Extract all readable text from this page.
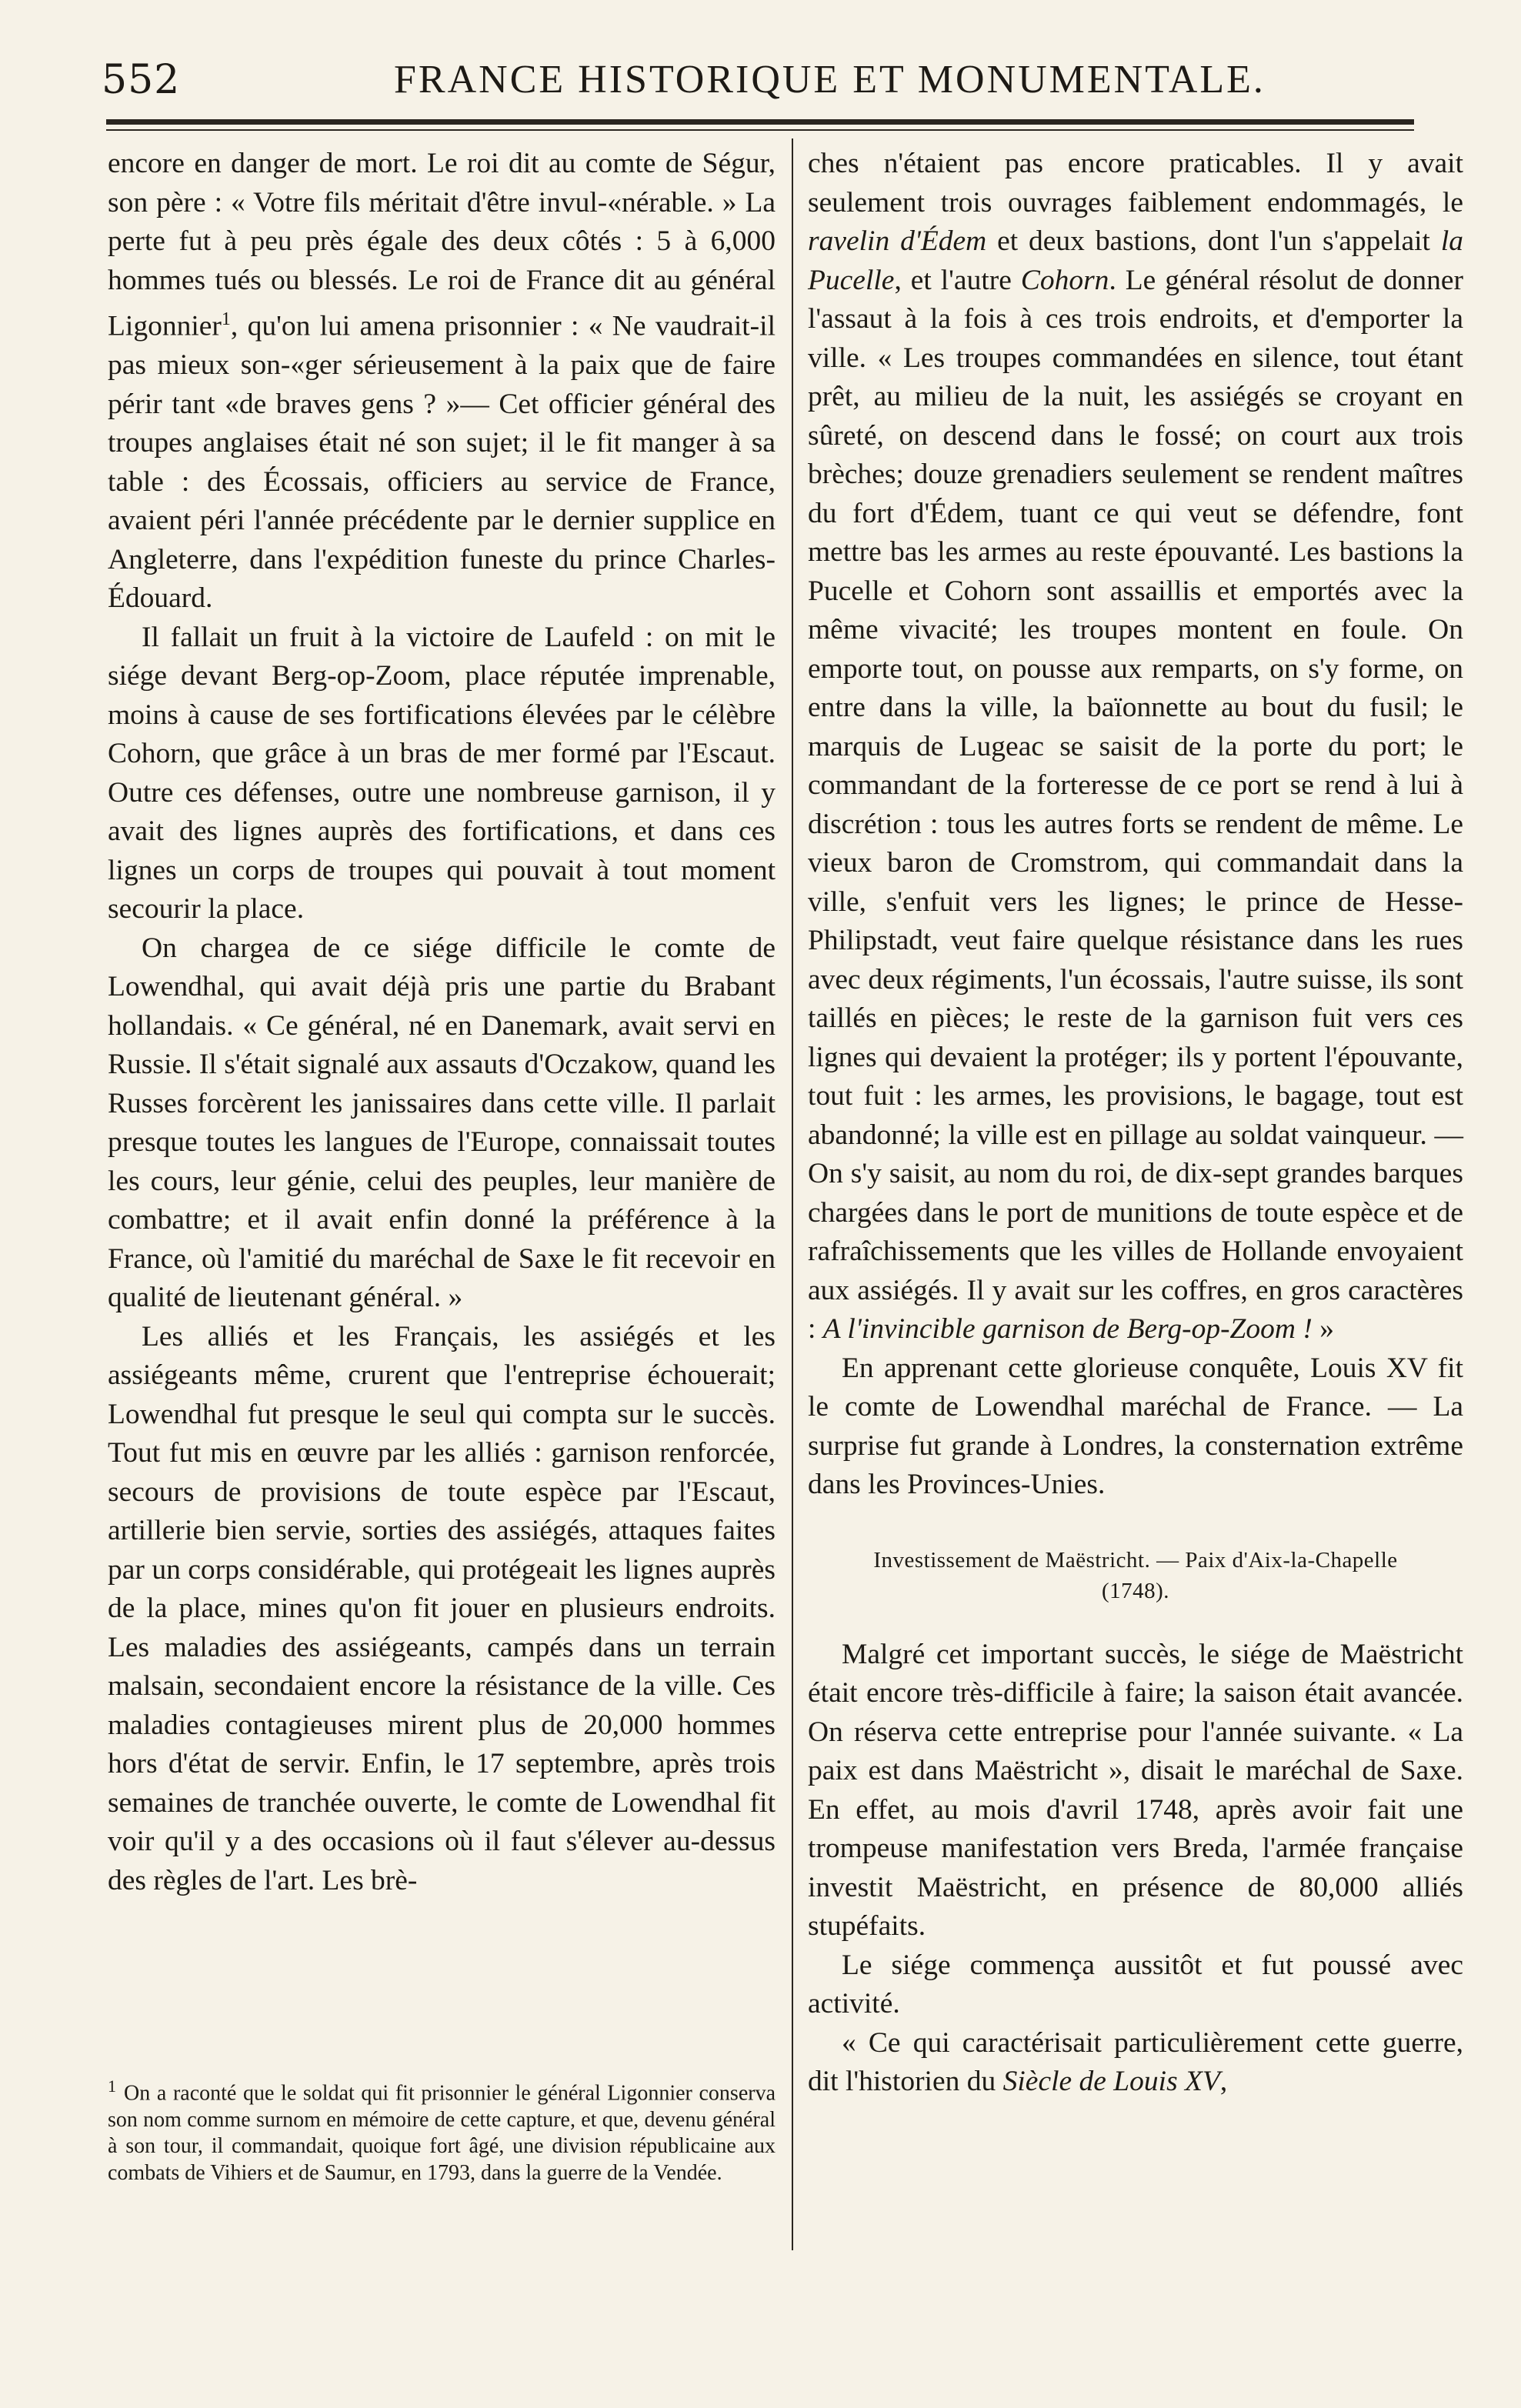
552	FRANCE HISTORIQUE ET MONUMENTALE.

encore en danger de mort. Le roi dit au comte de Ségur, son père : « Votre fils méritait d'être invul-«nérable. » La perte fut à peu près égale des deux côtés : 5 à 6,000 hommes tués ou blessés. Le roi de France dit au général Ligonnier$^1$, qu'on lui amena prisonnier : « Ne vaudrait-il pas mieux son-«ger sérieusement à la paix que de faire périr tant «de braves gens ? »— Cet officier général des troupes anglaises était né son sujet; il le fit manger à sa table : des Écossais, officiers au service de France, avaient péri l'année précédente par le dernier supplice en Angleterre, dans l'expédition funeste du prince Charles-Édouard.

Il fallait un fruit à la victoire de Laufeld : on mit le siége devant Berg-op-Zoom, place réputée imprenable, moins à cause de ses fortifications élevées par le célèbre Cohorn, que grâce à un bras de mer formé par l'Escaut. Outre ces défenses, outre une nombreuse garnison, il y avait des lignes auprès des fortifications, et dans ces lignes un corps de troupes qui pouvait à tout moment secourir la place.

On chargea de ce siége difficile le comte de Lowendhal, qui avait déjà pris une partie du Brabant hollandais. « Ce général, né en Danemark, avait servi en Russie. Il s'était signalé aux assauts d'Oczakow, quand les Russes forcèrent les janissaires dans cette ville. Il parlait presque toutes les langues de l'Europe, connaissait toutes les cours, leur génie, celui des peuples, leur manière de combattre; et il avait enfin donné la préférence à la France, où l'amitié du maréchal de Saxe le fit recevoir en qualité de lieutenant général. »

Les alliés et les Français, les assiégés et les assiégeants même, crurent que l'entreprise échouerait; Lowendhal fut presque le seul qui compta sur le succès. Tout fut mis en œuvre par les alliés : garnison renforcée, secours de provisions de toute espèce par l'Escaut, artillerie bien servie, sorties des assiégés, attaques faites par un corps considérable, qui protégeait les lignes auprès de la place, mines qu'on fit jouer en plusieurs endroits. Les maladies des assiégeants, campés dans un terrain malsain, secondaient encore la résistance de la ville. Ces maladies contagieuses mirent plus de 20,000 hommes hors d'état de servir. Enfin, le 17 septembre, après trois semaines de tranchée ouverte, le comte de Lowendhal fit voir qu'il y a des occasions où il faut s'élever au-dessus des règles de l'art. Les brè-

$^1$ On a raconté que le soldat qui fit prisonnier le général Ligonnier conserva son nom comme surnom en mémoire de cette capture, et que, devenu général à son tour, il commandait, quoique fort âgé, une division républicaine aux combats de Vihiers et de Saumur, en 1793, dans la guerre de la Vendée.

ches n'étaient pas encore praticables. Il y avait seulement trois ouvrages faiblement endommagés, le ravelin d'Édem et deux bastions, dont l'un s'appelait la Pucelle, et l'autre Cohorn. Le général résolut de donner l'assaut à la fois à ces trois endroits, et d'emporter la ville. « Les troupes commandées en silence, tout étant prêt, au milieu de la nuit, les assiégés se croyant en sûreté, on descend dans le fossé; on court aux trois brèches; douze grenadiers seulement se rendent maîtres du fort d'Édem, tuant ce qui veut se défendre, font mettre bas les armes au reste épouvanté. Les bastions la Pucelle et Cohorn sont assaillis et emportés avec la même vivacité; les troupes montent en foule. On emporte tout, on pousse aux remparts, on s'y forme, on entre dans la ville, la baïonnette au bout du fusil; le marquis de Lugeac se saisit de la porte du port; le commandant de la forteresse de ce port se rend à lui à discrétion : tous les autres forts se rendent de même. Le vieux baron de Cromstrom, qui commandait dans la ville, s'enfuit vers les lignes; le prince de Hesse-Philipstadt, veut faire quelque résistance dans les rues avec deux régiments, l'un écossais, l'autre suisse, ils sont taillés en pièces; le reste de la garnison fuit vers ces lignes qui devaient la protéger; ils y portent l'épouvante, tout fuit : les armes, les provisions, le bagage, tout est abandonné; la ville est en pillage au soldat vainqueur. — On s'y saisit, au nom du roi, de dix-sept grandes barques chargées dans le port de munitions de toute espèce et de rafraîchissements que les villes de Hollande envoyaient aux assiégés. Il y avait sur les coffres, en gros caractères : A l'invincible garnison de Berg-op-Zoom ! »

En apprenant cette glorieuse conquête, Louis XV fit le comte de Lowendhal maréchal de France. — La surprise fut grande à Londres, la consternation extrême dans les Provinces-Unies.

Investissement de Maëstricht. — Paix d'Aix-la-Chapelle
(1748).

Malgré cet important succès, le siége de Maëstricht était encore très-difficile à faire; la saison était avancée. On réserva cette entreprise pour l'année suivante. « La paix est dans Maëstricht », disait le maréchal de Saxe. En effet, au mois d'avril 1748, après avoir fait une trompeuse manifestation vers Breda, l'armée française investit Maëstricht, en présence de 80,000 alliés stupéfaits.

Le siége commença aussitôt et fut poussé avec activité.

« Ce qui caractérisait particulièrement cette guerre, dit l'historien du Siècle de Louis XV,
